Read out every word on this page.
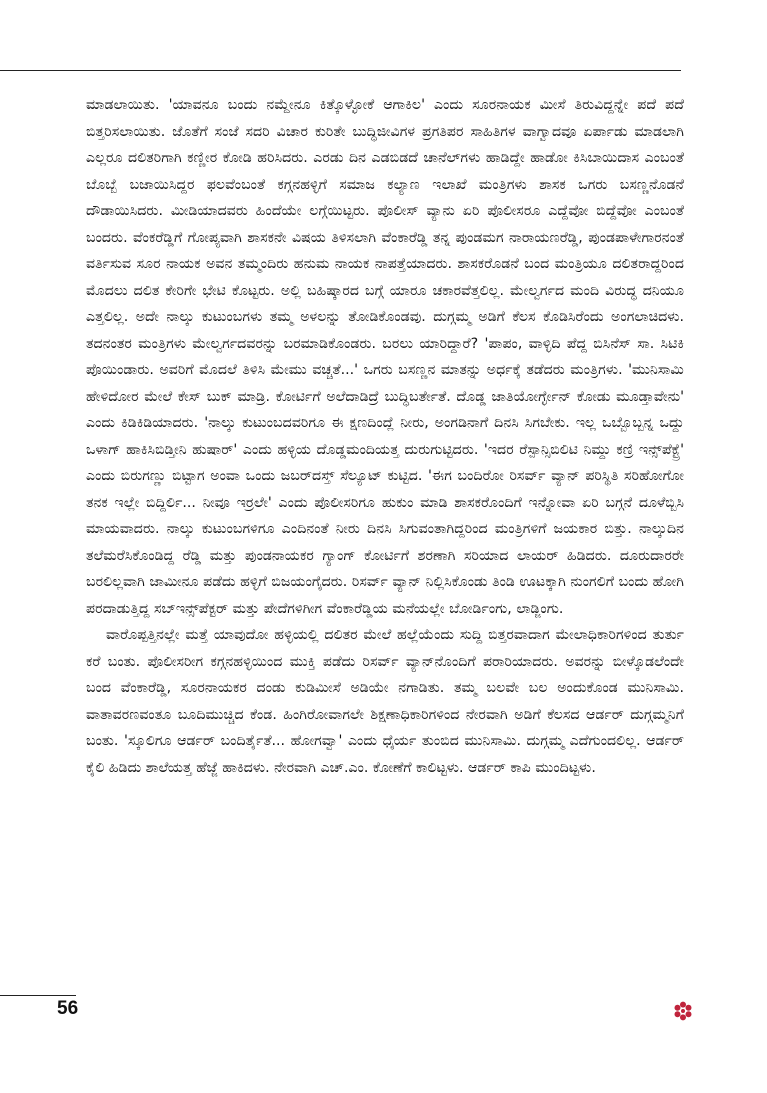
ಮಾಡಲಾಯಿತು. 'ಯಾವನೂ ಬಂದು ನಮ್ದೇನೂ ಕಿತ್ಕೊಳ್ಳೋಕೆ ಆಗಾಕಿಲ' ಎಂದು ಸೂರನಾಯಕ ಮೀಸೆ ತಿರುವಿದ್ದನ್ನೇ ಪದೆ ಪದೆ ಬಿತ್ತರಿಸಲಾಯಿತು. ಜೊತೆಗೆ ಸಂಜೆ ಸದರಿ ವಿಚಾರ ಕುರಿತೇ ಬುದ್ಧಿಜೀವಿಗಳ ಪ್ರಗತಿಪರ ಸಾಹಿತಿಗಳ ವಾಗ್ವಾದವೂ ಏರ್ಪಾಡು ಮಾಡಲಾಗಿ ಎಲ್ಲರೂ ದಲಿತರಿಗಾಗಿ ಕಣ್ಣೀರ ಕೋಡಿ ಹರಿಸಿದರು. ಎರಡು ದಿನ ಎಡಬಿಡದೆ ಚಾನೆಲ್‌ಗಳು ಹಾಡಿದ್ದೇ ಹಾಡೋ ಕಿಸಿಬಾಯಿದಾಸ ಎಂಬಂತೆ ಬೊಬ್ಬೆ ಬಜಾಯಿಸಿದ್ದರ ಫಲವೆಂಬಂತೆ ಕಗ್ಗನಹಳ್ಳಿಗೆ ಸಮಾಜ ಕಲ್ಯಾಣ ಇಲಾಖೆ ಮಂತ್ರಿಗಳು ಶಾಸಕ ಒಗರು ಬಸಣ್ಣನೊಡನೆ ದೌಡಾಯಿಸಿದರು. ಮೀಡಿಯಾದವರು ಹಿಂದೆಯೇ ಲಗ್ಗೆಯಿಟ್ಟರು. ಪೊಲೀಸ್ ವ್ಯಾನು ಏರಿ ಪೊಲೀಸರೂ ಎದ್ದೆವೋ ಬಿದ್ದೆವೋ ಎಂಬಂತೆ ಬಂದರು. ವೆಂಕರೆಡ್ಡಿಗೆ ಗೋಪ್ಯವಾಗಿ ಶಾಸಕನೇ ವಿಷಯ ತಿಳಿಸಲಾಗಿ ವೆಂಕಾರೆಡ್ಡಿ ತನ್ನ ಪುಂಡಮಗ ನಾರಾಯಣರೆಡ್ಡಿ, ಪುಂಡಪಾಳೇಗಾರನಂತೆ ವರ್ತಿಸುವ ಸೂರ ನಾಯಕ ಅವನ ತಮ್ಮಂದಿರು ಹನುಮ ನಾಯಕ ನಾಪತ್ತೆಯಾದರು. ಶಾಸಕರೊಡನೆ ಬಂದ ಮಂತ್ರಿಯೂ ದಲಿತರಾದ್ದರಿಂದ ಮೊದಲು ದಲಿತ ಕೇರಿಗೇ ಭೇಟಿ ಕೊಟ್ಟರು. ಅಲ್ಲಿ ಬಹಿಷ್ಕಾರದ ಬಗ್ಗೆ ಯಾರೂ ಚಕಾರವೆತ್ತಲಿಲ್ಲ. ಮೇಲ್ವರ್ಗದ ಮಂದಿ ವಿರುದ್ಧ ದನಿಯೂ ಎತ್ತಲಿಲ್ಲ. ಅದೇ ನಾಲ್ಕು ಕುಟುಂಬಗಳು ತಮ್ಮ ಅಳಲನ್ನು ತೋಡಿಕೊಂಡವು. ದುಗ್ಗಮ್ಮ ಅಡಿಗೆ ಕೆಲಸ ಕೊಡಿಸಿರೆಂದು ಅಂಗಲಾಚಿದಳು. ತದನಂತರ ಮಂತ್ರಿಗಳು ಮೇಲ್ವರ್ಗದವರನ್ನು ಬರಮಾಡಿಕೊಂಡರು. ಬರಲು ಯಾರಿದ್ದಾರೆ? 'ಪಾಪಂ, ವಾಳ್ಳಿದಿ ಪೆದ್ದ ಬಿಸಿನೆಸ್ ಸಾ. ಸಿಟಿಕಿ ಪೊಯಿಂಡಾರು. ಅವರಿಗೆ ಮೊದಲೆ ತಿಳಿಸಿ ಮೇಮು ವಚ್ಚತೆ...' ಒಗರು ಬಸಣ್ಣನ ಮಾತನ್ನು ಅರ್ಧಕ್ಕೆ ತಡೆದರು ಮಂತ್ರಿಗಳು. 'ಮುನಿಸಾಮಿ ಹೇಳಿದೋರ ಮೇಲೆ ಕೇಸ್ ಬುಕ್ ಮಾಡ್ರಿ. ಕೋರ್ಟಿಗೆ ಅಲೆದಾಡಿದ್ರೆ ಬುದ್ಧಿಬರ್ತೇತೆ. ದೊಡ್ಡ ಜಾತಿಯೋರ್ಗ್ಳೇನ್ ಕೋಡು ಮೂಡ್ತಾವೇನು' ಎಂದು ಕಿಡಿಕಿಡಿಯಾದರು. 'ನಾಲ್ಕು ಕುಟುಂಬದವರಿಗೂ ಈ ಕ್ಷಣದಿಂದ್ಲೆ ನೀರು, ಅಂಗಡಿನಾಗೆ ದಿನಸಿ ಸಿಗಬೇಕು. ಇಲ್ಲ ಒಬ್ಬೊಬ್ಬನ್ನ ಒದ್ದು ಒಳಾಗ್ ಹಾಕಿಸಿಬಿಡ್ತೀನಿ ಹುಷಾರ್' ಎಂದು ಹಳ್ಳಿಯ ದೊಡ್ಡಮಂದಿಯತ್ತ ದುರುಗುಟ್ಟಿದರು. 'ಇದರ ರೆಸ್ಪಾನ್ಸಿಬಿಲಿಟಿ ನಿಮ್ದು ಕಣ್ರಿ ಇನ್ಸ್‌ಪೆಕ್ಟ್ರೆ' ಎಂದು ಬಿರುಗಣ್ಣು ಬಿಟ್ಟಾಗ ಅಂವಾ ಒಂದು ಜಬರ್‌ದಸ್ತ್ ಸೆಲ್ಯೂಟ್ ಕುಟ್ಟಿದ. 'ಈಗ ಬಂದಿರೋ ರಿಸರ್ವ್ ವ್ಯಾನ್ ಪರಿಸ್ಥಿತಿ ಸರಿಹೋಗೋ ತನಕ ಇಲ್ಲೇ ಬಿದ್ದಿರ್ಲಿ... ನೀವೂ ಇರ್ರಲೇ' ಎಂದು ಪೊಲೀಸರಿಗೂ ಹುಕುಂ ಮಾಡಿ ಶಾಸಕರೊಂದಿಗೆ ಇನ್ನೋವಾ ಏರಿ ಬಗ್ಗನೆ ದೂಳೆಬ್ಬಿಸಿ ಮಾಯವಾದರು. ನಾಲ್ಕು ಕುಟುಂಬಗಳಿಗೂ ಎಂದಿನಂತೆ ನೀರು ದಿನಸಿ ಸಿಗುವಂತಾಗಿದ್ದರಿಂದ ಮಂತ್ರಿಗಳಿಗೆ ಜಯಕಾರ ಬಿತ್ತು. ನಾಲ್ಕುದಿನ ತಲೆಮರೆಸಿಕೊಂಡಿದ್ದ ರೆಡ್ಡಿ ಮತ್ತು ಪುಂಡನಾಯಕರ ಗ್ಯಾಂಗ್ ಕೋರ್ಟಿಗೆ ಶರಣಾಗಿ ಸರಿಯಾದ ಲಾಯರ್ ಹಿಡಿದರು. ದೂರುದಾರರೇ ಬರಲಿಲ್ಲವಾಗಿ ಜಾಮೀನೂ ಪಡೆದು ಹಳ್ಳಿಗೆ ಬಿಜಯಂಗೈದರು. ರಿಸರ್ವ್ ವ್ಯಾನ್ ನಿಲ್ಲಿಸಿಕೊಂಡು ತಿಂಡಿ ಊಟಕ್ಕಾಗಿ ನುಂಗಲಿಗೆ ಬಂದು ಹೋಗಿ ಪರದಾಡುತ್ತಿದ್ದ ಸಬ್‌ಇನ್ಸ್‌ಪೆಕ್ಟರ್ ಮತ್ತು ಪೇದೆಗಳಿಗೀಗ ವೆಂಕಾರೆಡ್ಡಿಯ ಮನೆಯಲ್ಲೇ ಬೋರ್ಡಿಂಗು, ಲಾಡ್ಜಿಂಗು.

ವಾರೊಪ್ಪತ್ತಿನಲ್ಲೇ ಮತ್ತೆ ಯಾವುದೋ ಹಳ್ಳಿಯಲ್ಲಿ ದಲಿತರ ಮೇಲೆ ಹಲ್ಲೆಯೆಂದು ಸುದ್ದಿ ಬಿತ್ತರವಾದಾಗ ಮೇಲಾಧಿಕಾರಿಗಳಿಂದ ತುರ್ತು ಕರೆ ಬಂತು. ಪೊಲೀಸರೀಗ ಕಗ್ಗನಹಳ್ಳಿಯಿಂದ ಮುಕ್ತಿ ಪಡೆದು ರಿಸರ್ವ್ ವ್ಯಾನ್‌ನೊಂದಿಗೆ ಪರಾರಿಯಾದರು. ಅವರನ್ನು ಬೀಳ್ಕೊಡಲೆಂದೇ ಬಂದ ವೆಂಕಾರೆಡ್ಡಿ, ಸೂರನಾಯಕರ ದಂಡು ಕುಡಿಮೀಸೆ ಅಡಿಯೇ ನಗಾಡಿತು. ತಮ್ಮ ಬಲವೇ ಬಲ ಅಂದುಕೊಂಡ ಮುನಿಸಾಮಿ. ವಾತಾವರಣವಂತೂ ಬೂದಿಮುಚ್ಚಿದ ಕೆಂಡ. ಹಿಂಗಿರೋವಾಗಲೇ ಶಿಕ್ಷಣಾಧಿಕಾರಿಗಳಿಂದ ನೇರವಾಗಿ ಅಡಿಗೆ ಕೆಲಸದ ಆರ್ಡರ್ ದುಗ್ಗಮ್ಮನಿಗೆ ಬಂತು. 'ಸ್ಕೂಲಿಗೂ ಆರ್ಡರ್ ಬಂದಿರ್ತೈತೆ... ಹೋಗವ್ವಾ' ಎಂದು ಧೈರ್ಯ ತುಂಬಿದ ಮುನಿಸಾಮಿ. ದುಗ್ಗಮ್ಮ ಎದೆಗುಂದಲಿಲ್ಲ. ಆರ್ಡರ್ ಕೈಲಿ ಹಿಡಿದು ಶಾಲೆಯತ್ತ ಹೆಜ್ಜೆ ಹಾಕಿದಳು. ನೇರವಾಗಿ ಎಚ್.ಎಂ. ಕೋಣೆಗೆ ಕಾಲಿಟ್ಟಳು. ಆರ್ಡರ್ ಕಾಪಿ ಮುಂದಿಟ್ಟಳು.

56
